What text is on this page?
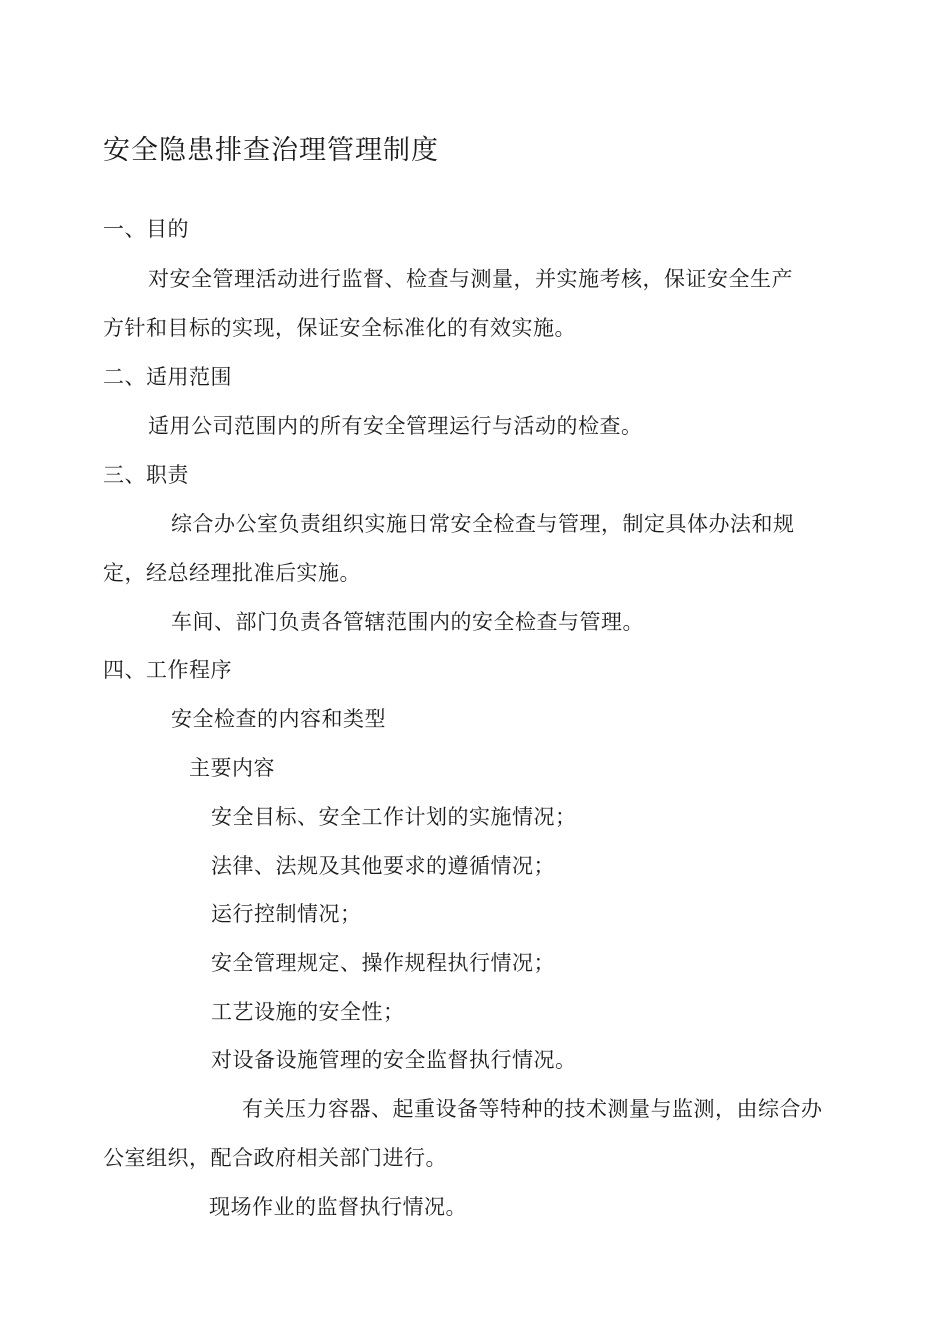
安全隐患排查治理管理制度
一、目的
对安全管理活动进行监督、检查与测量，并实施考核，保证安全生产
方针和目标的实现，保证安全标准化的有效实施。
二、适用范围
适用公司范围内的所有安全管理运行与活动的检查。
三、职责
综合办公室负责组织实施日常安全检查与管理，制定具体办法和规
定，经总经理批准后实施。
车间、部门负责各管辖范围内的安全检查与管理。
四、工作程序
安全检查的内容和类型
主要内容
安全目标、安全工作计划的实施情况；
法律、法规及其他要求的遵循情况；
运行控制情况；
安全管理规定、操作规程执行情况；
工艺设施的安全性；
对设备设施管理的安全监督执行情况。
有关压力容器、起重设备等特种的技术测量与监测，由综合办
公室组织，配合政府相关部门进行。
现场作业的监督执行情况。
